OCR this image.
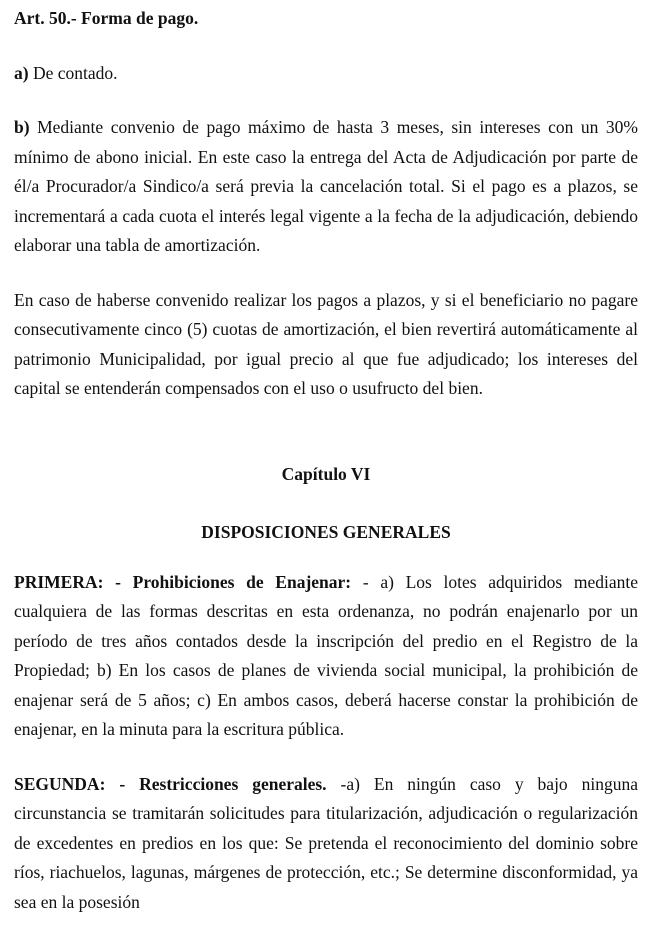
Art. 50.- Forma de pago.

a) De contado.

b) Mediante convenio de pago máximo de hasta 3 meses, sin intereses con un 30% mínimo de abono inicial. En este caso la entrega del Acta de Adjudicación por parte de él/a Procurador/a Sindico/a será previa la cancelación total. Si el pago es a plazos, se incrementará a cada cuota el interés legal vigente a la fecha de la adjudicación, debiendo elaborar una tabla de amortización.

En caso de haberse convenido realizar los pagos a plazos, y si el beneficiario no pagare consecutivamente cinco (5) cuotas de amortización, el bien revertirá automáticamente al patrimonio Municipalidad, por igual precio al que fue adjudicado; los intereses del capital se entenderán compensados con el uso o usufructo del bien.

Capítulo VI
DISPOSICIONES GENERALES

PRIMERA: - Prohibiciones de Enajenar: - a) Los lotes adquiridos mediante cualquiera de las formas descritas en esta ordenanza, no podrán enajenarlo por un período de tres años contados desde la inscripción del predio en el Registro de la Propiedad; b) En los casos de planes de vivienda social municipal, la prohibición de enajenar será de 5 años; c) En ambos casos, deberá hacerse constar la prohibición de enajenar, en la minuta para la escritura pública.

SEGUNDA: - Restricciones generales. -a) En ningún caso y bajo ninguna circunstancia se tramitarán solicitudes para titularización, adjudicación o regularización de excedentes en predios en los que: Se pretenda el reconocimiento del dominio sobre ríos, riachuelos, lagunas, márgenes de protección, etc.; Se determine disconformidad, ya sea en la posesión
